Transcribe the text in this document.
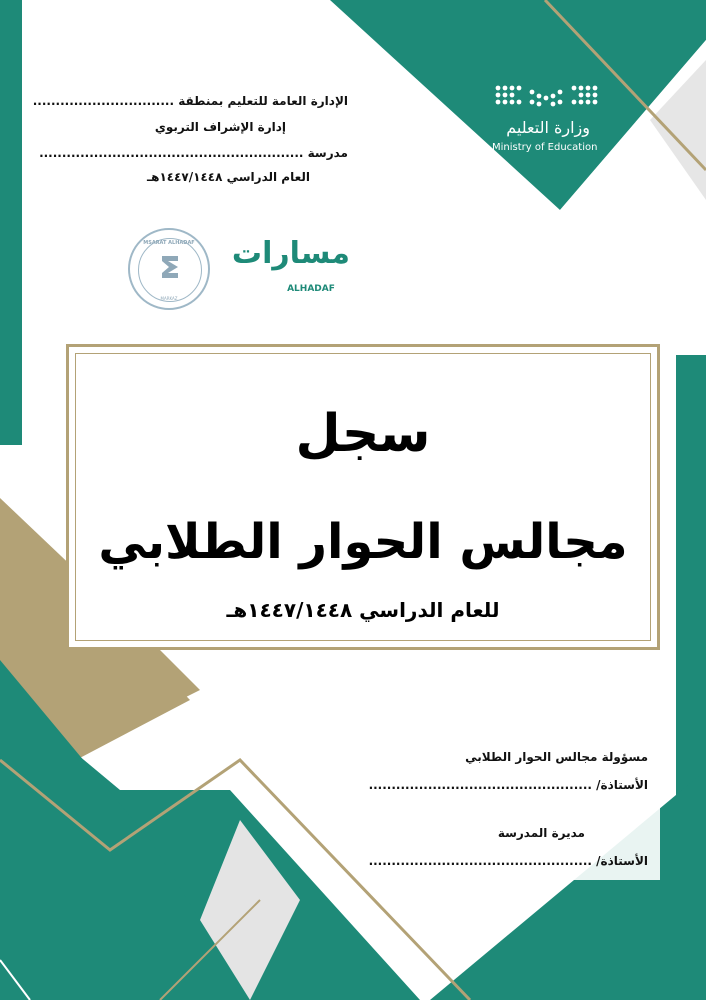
وزارة التعليم
Ministry of Education
الإدارة العامة للتعليم بمنطقة ...............................
إدارة الإشراف التربوي
مدرسة ..........................................................
العام الدراسي ١٤٤٧/١٤٤٨هـ
MSARAT ALHADAF
MARKAZ
مسارات
ALHADAF
سجل
مجالس الحوار الطلابي
للعام الدراسي ١٤٤٧/١٤٤٨هـ
مسؤولة مجالس الحوار الطلابي
الأستاذة/ .................................................
مديرة المدرسة
الأستاذة/ .................................................
